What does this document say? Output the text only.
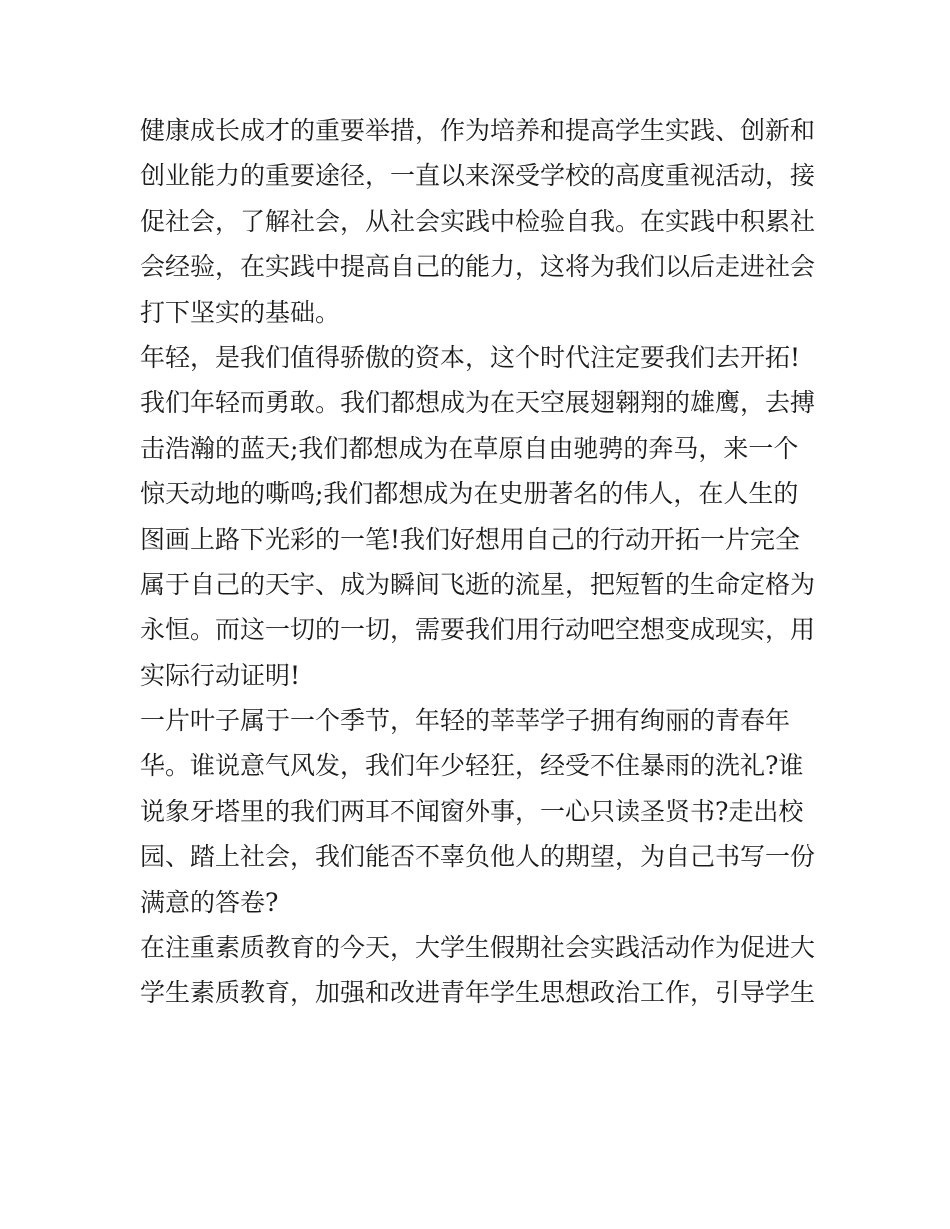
健康成长成才的重要举措，作为培养和提高学生实践、创新和
创业能力的重要途径，一直以来深受学校的高度重视活动，接
促社会，了解社会，从社会实践中检验自我。在实践中积累社
会经验，在实践中提高自己的能力，这将为我们以后走进社会
打下坚实的基础。
年轻，是我们值得骄傲的资本，这个时代注定要我们去开拓!
我们年轻而勇敢。我们都想成为在天空展翅翱翔的雄鹰，去搏
击浩瀚的蓝天;我们都想成为在草原自由驰骋的奔马，来一个
惊天动地的嘶鸣;我们都想成为在史册著名的伟人，在人生的
图画上路下光彩的一笔!我们好想用自己的行动开拓一片完全
属于自己的天宇、成为瞬间飞逝的流星，把短暂的生命定格为
永恒。而这一切的一切，需要我们用行动吧空想变成现实，用
实际行动证明!
一片叶子属于一个季节，年轻的莘莘学子拥有绚丽的青春年
华。谁说意气风发，我们年少轻狂，经受不住暴雨的洗礼?谁
说象牙塔里的我们两耳不闻窗外事，一心只读圣贤书?走出校
园、踏上社会，我们能否不辜负他人的期望，为自己书写一份
满意的答卷?
在注重素质教育的今天，大学生假期社会实践活动作为促进大
学生素质教育，加强和改进青年学生思想政治工作，引导学生
